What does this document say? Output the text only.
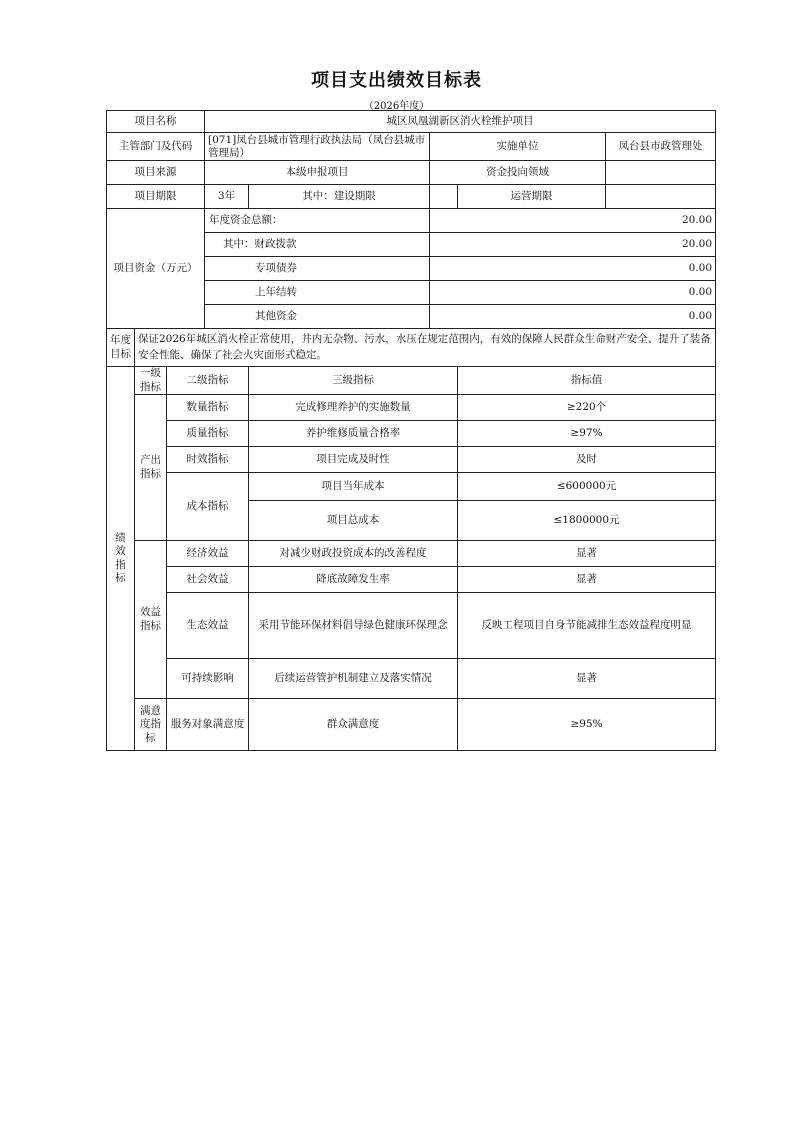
项目支出绩效目标表
（2026年度）
项目名称			城区凤凰湖新区消火栓维护项目				
主管部门及代码			[071]凤台县城市管理行政执法局（凤台县城市管理局）		实施单位		凤台县市政管理处
项目来源			本级申报项目		资金投向领域		
项目期限			3年	其中：建设期限		运营期限	
项目资金（万元）			年度资金总额：		20.00		
			其中：财政拨款		20.00		
			专项债券		0.00		
			上年结转		0.00		
			其他资金		0.00		
年度目标	保证2026年城区消火栓正常使用，井内无杂物、污水，水压在规定范围内，有效的保障人民群众生命财产安全、提升了装备安全性能、确保了社会火灾面形式稳定。						

绩效指标	一级指标	二级指标		三级指标		指标值	

	产出指标	数量指标		完成修理养护的实施数量		≥220个	
		质量指标		养护维修质量合格率		≥97%	
		时效指标		项目完成及时性		及时	
		成本指标		项目当年成本		≤600000元	
				项目总成本		≤1800000元	

	效益指标	经济效益		对减少财政投资成本的改善程度		显著	
		社会效益		降底故障发生率		显著	
		生态效益		采用节能环保材料倡导绿色健康环保理念		反映工程项目自身节能减排生态效益程度明显	
		可持续影响		后续运营管护机制建立及落实情况		显著	

	满意度指标	服务对象满意度		群众满意度		≥95%	
